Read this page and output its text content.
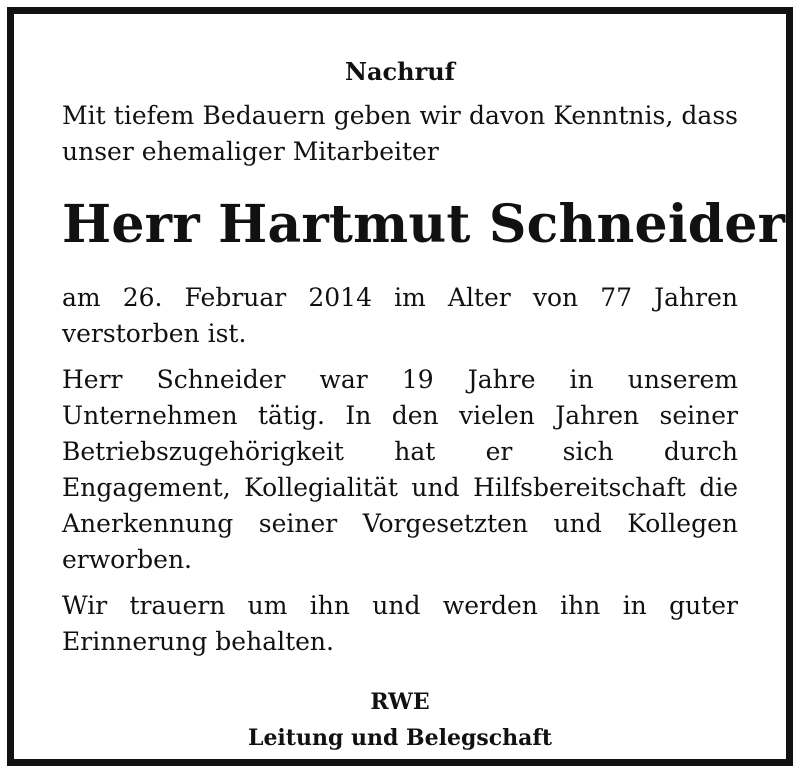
Nachruf

Mit tiefem Bedauern geben wir davon Kenntnis, dass unser ehemaliger Mitarbeiter

Herr Hartmut Schneider

am 26. Februar 2014 im Alter von 77 Jahren verstorben ist.

Herr Schneider war 19 Jahre in unserem Unternehmen tätig. In den vielen Jahren seiner Betriebszugehörigkeit hat er sich durch Engagement, Kollegialität und Hilfsbereitschaft die Anerkennung seiner Vorgesetzten und Kollegen erworben.

Wir trauern um ihn und werden ihn in guter Erinnerung behalten.

RWE
Leitung und Belegschaft
